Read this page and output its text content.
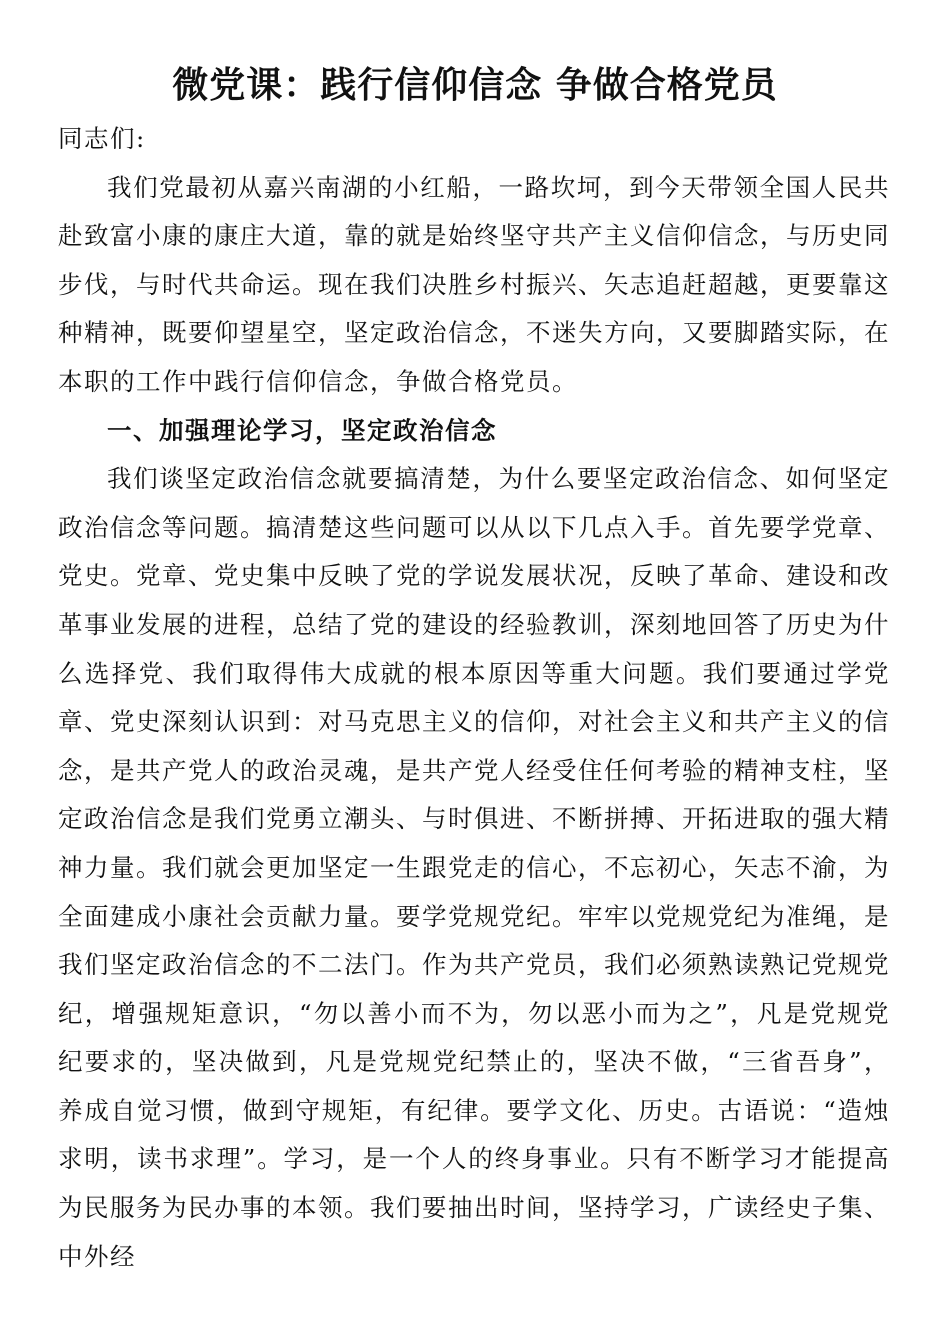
微党课：践行信仰信念 争做合格党员

同志们:

我们党最初从嘉兴南湖的小红船，一路坎坷，到今天带领全国人民共赴致富小康的康庄大道，靠的就是始终坚守共产主义信仰信念，与历史同步伐，与时代共命运。现在我们决胜乡村振兴、矢志追赶超越，更要靠这种精神，既要仰望星空，坚定政治信念，不迷失方向，又要脚踏实际，在本职的工作中践行信仰信念，争做合格党员。

一、加强理论学习，坚定政治信念

我们谈坚定政治信念就要搞清楚，为什么要坚定政治信念、如何坚定政治信念等问题。搞清楚这些问题可以从以下几点入手。首先要学党章、党史。党章、党史集中反映了党的学说发展状况，反映了革命、建设和改革事业发展的进程，总结了党的建设的经验教训，深刻地回答了历史为什么选择党、我们取得伟大成就的根本原因等重大问题。我们要通过学党章、党史深刻认识到：对马克思主义的信仰，对社会主义和共产主义的信念，是共产党人的政治灵魂，是共产党人经受住任何考验的精神支柱，坚定政治信念是我们党勇立潮头、与时俱进、不断拼搏、开拓进取的强大精神力量。我们就会更加坚定一生跟党走的信心，不忘初心，矢志不渝，为全面建成小康社会贡献力量。要学党规党纪。牢牢以党规党纪为准绳，是我们坚定政治信念的不二法门。作为共产党员，我们必须熟读熟记党规党纪，增强规矩意识，“勿以善小而不为，勿以恶小而为之”，凡是党规党纪要求的，坚决做到，凡是党规党纪禁止的，坚决不做，“三省吾身”，养成自觉习惯，做到守规矩，有纪律。要学文化、历史。古语说：“造烛求明，读书求理”。学习，是一个人的终身事业。只有不断学习才能提高为民服务为民办事的本领。我们要抽出时间，坚持学习，广读经史子集、中外经
